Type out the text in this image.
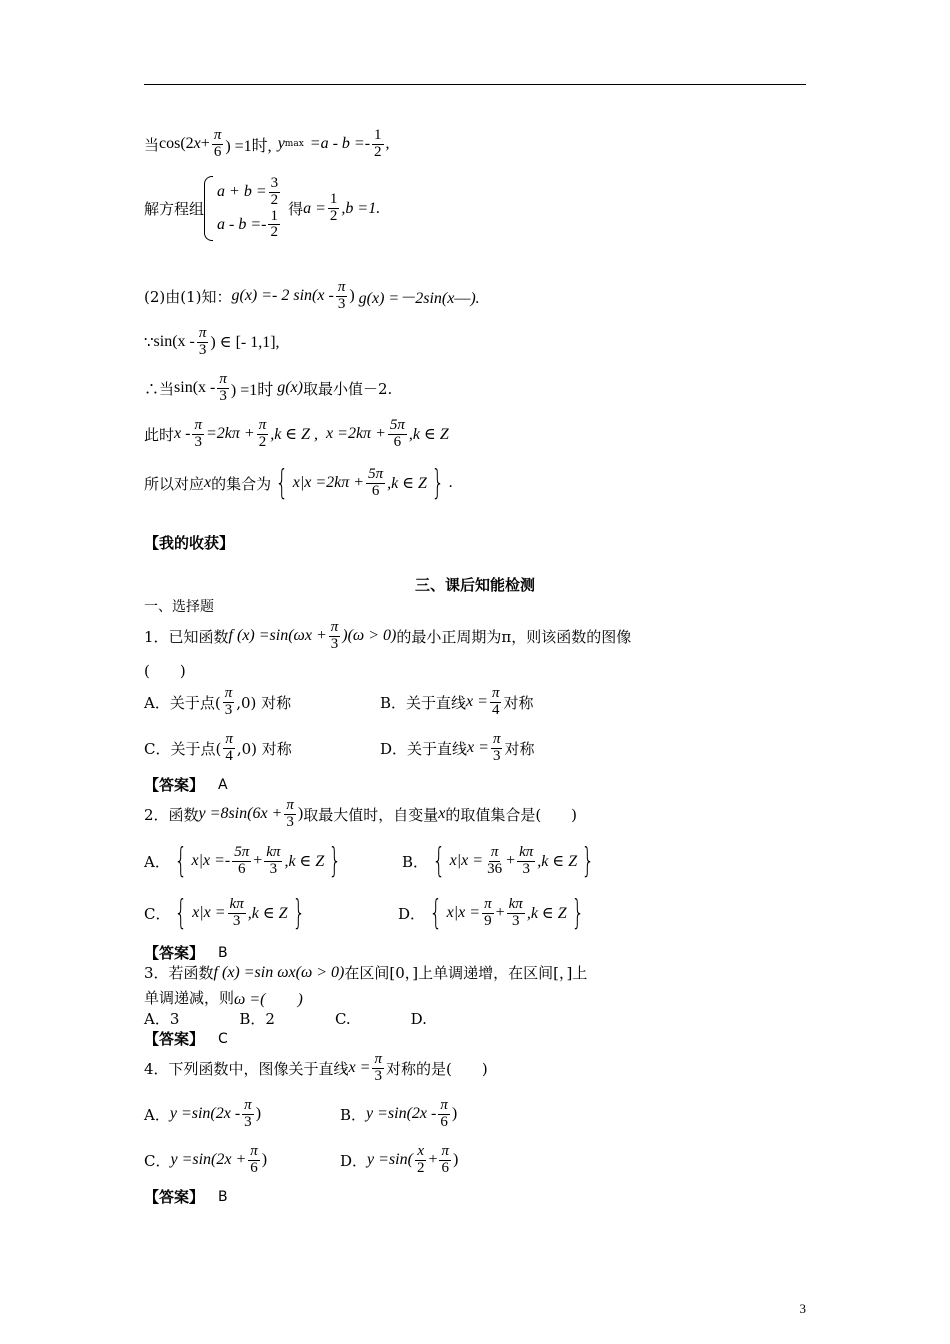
当 cos(2 $x + \frac{\pi}{6}$ ) =1时, y $\max =a - b =- \frac{1}{2}$ ,
解方程组
$a + b = \frac{3}{2}$
$a - b =- \frac{1}{2}$ 得 $a = \frac{1}{2} ,b =1$.
(2)由(1)知： g(x) =- 2 $\sin(x - \frac{\pi}{3}$ ) g(x) =－2sin(x―).
∵ $\sin(x - \frac{\pi}{3}$ ) ∈ [- 1,1],
∴当 $\sin(x - \frac{\pi}{3}$ ) =1时 g(x) 取最小值－2.
此时 $x - \frac{\pi}{3} =2k\pi + \frac{\pi}{2} ,k$ ∈ Z , $x =2k\pi + \frac{5\pi}{6} ,k$ ∈ Z
所以对应 x 的集合为 { $x|x =2k\pi + \frac{5\pi}{6} ,k$ ∈ Z } .
【我的收获】
三、课后知能检测
一、选择题
1．已知函数 f $(x) =\sin(\omega x + \frac{\pi}{3} )(\omega > 0)$ 的最小正周期为π，则该函数的图像
(　　)
A．关于点( $\frac{\pi}{3} ,0$) 对称	B．关于直线 $x = \frac{\pi}{4}$ 对称
C．关于点( $\frac{\pi}{4} ,0$) 对称	D．关于直线 $x = \frac{\pi}{3}$ 对称
【答案】 A
2．函数 $y =8\sin(6x + \frac{\pi}{3}$ ) 取最大值时，自变量 x 的取值集合是(　　)
A． { $x|x =- \frac{5\pi}{6} + \frac{k\pi}{3} ,k$ ∈ Z }	B． { $x|x = \frac{\pi}{36} + \frac{k\pi}{3} ,k$ ∈ Z }
C． { $x|x = \frac{k\pi}{3} ,k$ ∈ Z }	D． { $x|x = \frac{\pi}{9} + \frac{k\pi}{3} ,k$ ∈ Z }
【答案】 B
3．若函数 f (x) =sin ωx(ω > 0) 在区间[0，]上单调递增，在区间[，]上
单调递减，则 ω =(　　)
A．3　　　　B．2　　　　C.　　　　D.
【答案】 C
4．下列函数中，图像关于直线 $x = \frac{\pi}{3}$ 对称的是(　　)
A． $y =\sin(2x - \frac{\pi}{3}$ )	B． $y =\sin(2x - \frac{\pi}{6}$ )
C． $y =\sin(2x + \frac{\pi}{6}$ )	D． $y =\sin( \frac{x}{2} + \frac{\pi}{6}$ )
【答案】 B
3
